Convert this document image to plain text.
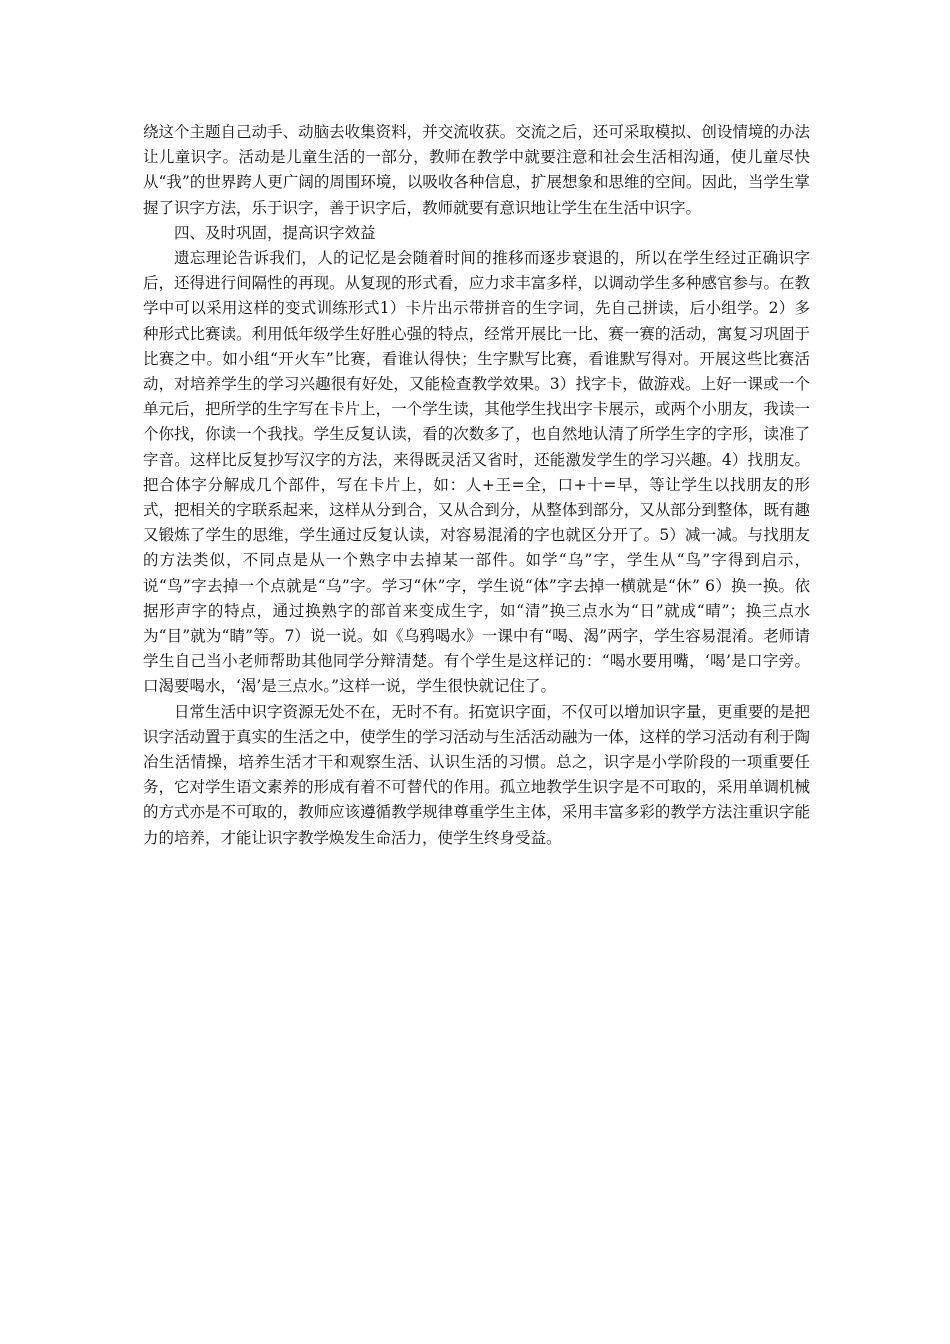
绕这个主题自己动手、动脑去收集资料，并交流收获。交流之后，还可采取模拟、创设情境的办法让儿童识字。活动是儿童生活的一部分，教师在教学中就要注意和社会生活相沟通，使儿童尽快从“我”的世界跨人更广阔的周围环境，以吸收各种信息，扩展想象和思维的空间。因此，当学生掌握了识字方法，乐于识字，善于识字后，教师就要有意识地让学生在生活中识字。

四、及时巩固，提高识字效益

遗忘理论告诉我们，人的记忆是会随着时间的推移而逐步衰退的，所以在学生经过正确识字后，还得进行间隔性的再现。从复现的形式看，应力求丰富多样，以调动学生多种感官参与。在教学中可以采用这样的变式训练形式1）卡片出示带拼音的生字词，先自己拼读，后小组学。2）多种形式比赛读。利用低年级学生好胜心强的特点，经常开展比一比、赛一赛的活动，寓复习巩固于比赛之中。如小组“开火车”比赛，看谁认得快；生字默写比赛，看谁默写得对。开展这些比赛活动，对培养学生的学习兴趣很有好处，又能检查教学效果。3）找字卡，做游戏。上好一课或一个单元后，把所学的生字写在卡片上，一个学生读，其他学生找出字卡展示，或两个小朋友，我读一个你找，你读一个我找。学生反复认读，看的次数多了，也自然地认清了所学生字的字形，读准了字音。这样比反复抄写汉字的方法，来得既灵活又省时，还能激发学生的学习兴趣。4）找朋友。把合体字分解成几个部件，写在卡片上，如：人+王=全，口+十=早，等让学生以找朋友的形式，把相关的字联系起来，这样从分到合，又从合到分，从整体到部分，又从部分到整体，既有趣又锻炼了学生的思维，学生通过反复认读，对容易混淆的字也就区分开了。5）减一减。与找朋友的方法类似，不同点是从一个熟字中去掉某一部件。如学“乌”字，学生从“鸟”字得到启示，说“鸟”字去掉一个点就是“乌”字。学习“休”字，学生说“体”字去掉一横就是“休” 6）换一换。依据形声字的特点，通过换熟字的部首来变成生字，如“清”换三点水为“日”就成“晴”；换三点水为“目”就为“睛”等。7）说一说。如《乌鸦喝水》一课中有“喝、渴”两字，学生容易混淆。老师请学生自己当小老师帮助其他同学分辩清楚。有个学生是这样记的：“喝水要用嘴，‘喝’是口字旁。口渴要喝水，‘渴’是三点水。”这样一说，学生很快就记住了。

日常生活中识字资源无处不在，无时不有。拓宽识字面，不仅可以增加识字量，更重要的是把识字活动置于真实的生活之中，使学生的学习活动与生活活动融为一体，这样的学习活动有利于陶冶生活情操，培养生活才干和观察生活、认识生活的习惯。总之，识字是小学阶段的一项重要任务，它对学生语文素养的形成有着不可替代的作用。孤立地教学生识字是不可取的，采用单调机械的方式亦是不可取的，教师应该遵循教学规律尊重学生主体，采用丰富多彩的教学方法注重识字能力的培养，才能让识字教学焕发生命活力，使学生终身受益。
